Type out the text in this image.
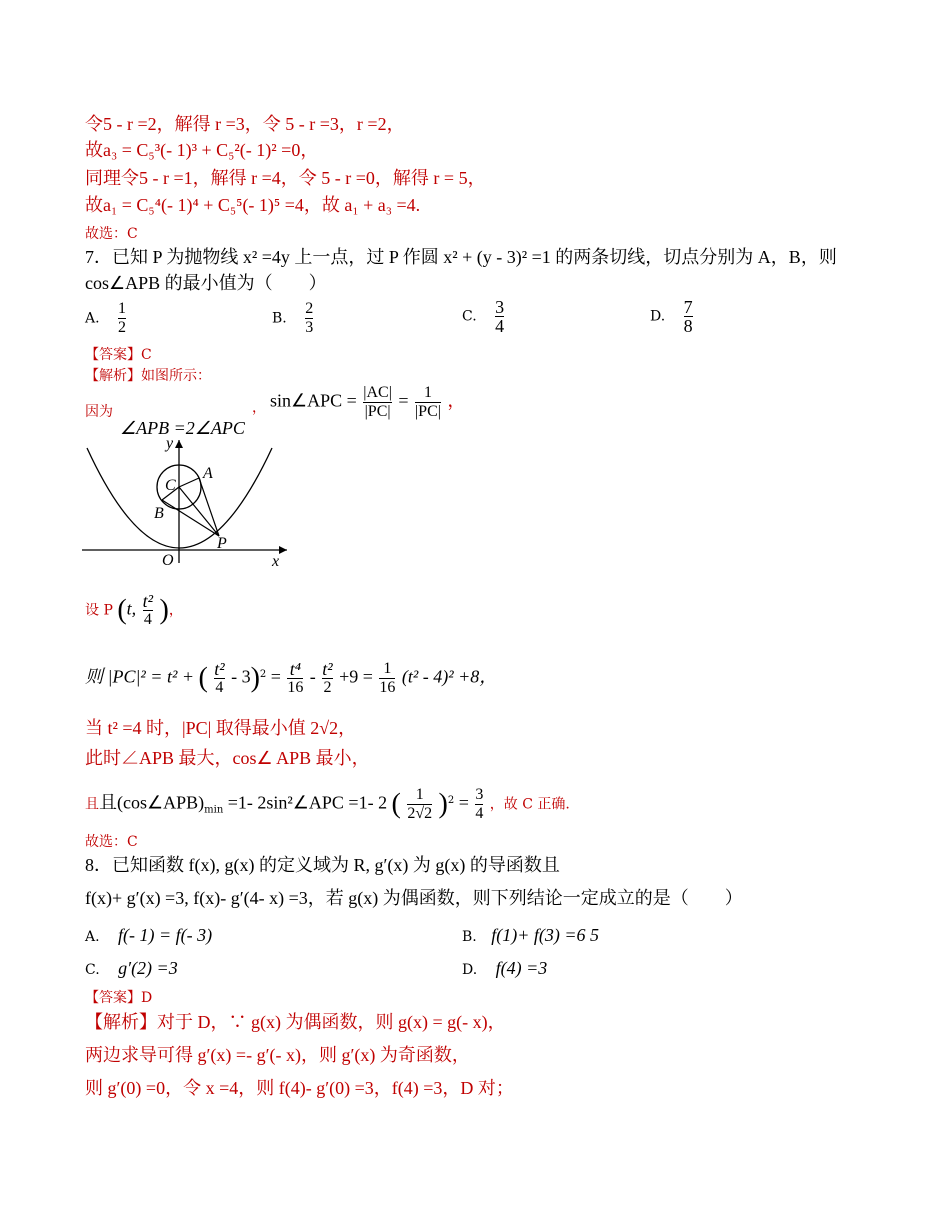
令5 - r =2，解得 r =3，令 5 - r =3，r =2，
故a₃ = C₅³(- 1)³ + C₅²(- 1)² =0，
同理令5 - r =1，解得 r =4，令 5 - r =0，解得 r = 5，
故a₁ = C₅⁴(- 1)⁴ + C₅⁵(- 1)⁵ =4，故 a₁ + a₃ =4.
故选：C
7．已知 P 为抛物线 x² =4y 上一点，过 P 作圆 x² + (y - 3)² =1 的两条切线，切点分别为 A，B，则
cos∠APB 的最小值为（　　）
A. $\frac{1}{2}$	B. $\frac{2}{3}$	C. $\frac{3}{4}$	D. $\frac{7}{8}$
【答案】C
【解析】如图所示：
因为
∠APB =2∠APC
， sin∠APC = $\frac{|AC|}{|PC|} = \frac{1}{|PC|}$ ，
y
x
O
C
A
B
P
设 P (t, $\frac{\text{t²}}{4}$ )，
则 |PC|² = t² + ( $\frac{\text{t²}}{4} - 3)^2 = \frac{\text{t⁴}}{16} - \frac{\text{t²}}{2} +9 = \frac{1}{16} (t^2 - 4)^2 +8$，
当 t² =4 时，|PC| 取得最小值 2√2，
此时∠APB 最大，cos∠ APB 最小，
且且$(\cos\angle APB)_{min} =1-$ 2sin²∠APC =1- 2 ( $\frac{1}{2√2} )^2 = \frac{3}{4}$ ，故 C 正确.
故选：C
8．已知函数 f(x), g(x) 的定义域为 R, g′(x) 为 g(x) 的导函数且
f(x)+ g′(x) =3, f(x)- g′(4- x) =3，若 g(x) 为偶函数，则下列结论一定成立的是（　　）
A. f(- 1) = f(- 3)	B. f(1)+ f(3) =6 5
C. g′(2) =3	D. f(4) =3
【答案】D
【解析】对于 D，∵ g(x) 为偶函数，则 g(x) = g(- x)，
两边求导可得 g′(x) =- g′(- x)，则 g′(x) 为奇函数，
则 g′(0) =0，令 x =4，则 f(4)- g′(0) =3，f(4) =3，D 对；
